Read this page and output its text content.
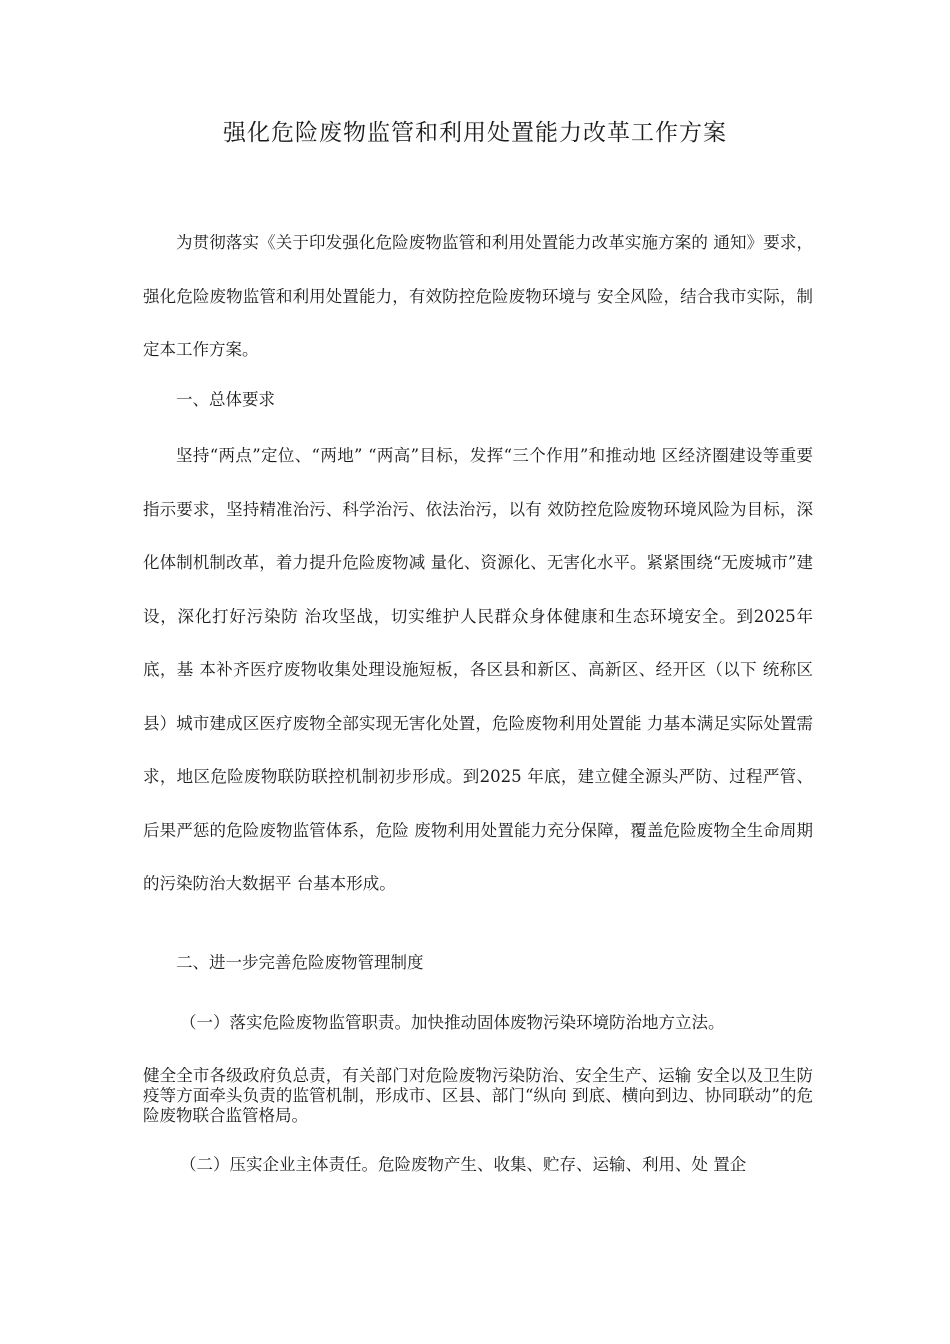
强化危险废物监管和利用处置能力改革工作方案
为贯彻落实《关于印发强化危险废物监管和利用处置能力改革实施方案的 通知》要求，强化危险废物监管和利用处置能力，有效防控危险废物环境与 安全风险，结合我市实际，制定本工作方案。
一、总体要求
坚持“两点”定位、“两地” “两高”目标，发挥“三个作用”和推动地 区经济圈建设等重要指示要求，坚持精准治污、科学治污、依法治污，以有 效防控危险废物环境风险为目标，深化体制机制改革，着力提升危险废物减 量化、资源化、无害化水平。紧紧围绕“无废城市”建设，深化打好污染防 治攻坚战，切实维护人民群众身体健康和生态环境安全。到2025年底，基 本补齐医疗废物收集处理设施短板，各区县和新区、高新区、经开区（以下 统称区县）城市建成区医疗废物全部实现无害化处置，危险废物利用处置能 力基本满足实际处置需求，地区危险废物联防联控机制初步形成。到2025 年底，建立健全源头严防、过程严管、后果严惩的危险废物监管体系，危险 废物利用处置能力充分保障，覆盖危险废物全生命周期的污染防治大数据平 台基本形成。
二、进一步完善危险废物管理制度
（一）落实危险废物监管职责。加快推动固体废物污染环境防治地方立法。
健全全市各级政府负总责，有关部门对危险废物污染防治、安全生产、运输 安全以及卫生防疫等方面牵头负责的监管机制，形成市、区县、部门“纵向 到底、横向到边、协同联动”的危险废物联合监管格局。
（二）压实企业主体责任。危险废物产生、收集、贮存、运输、利用、处 置企
